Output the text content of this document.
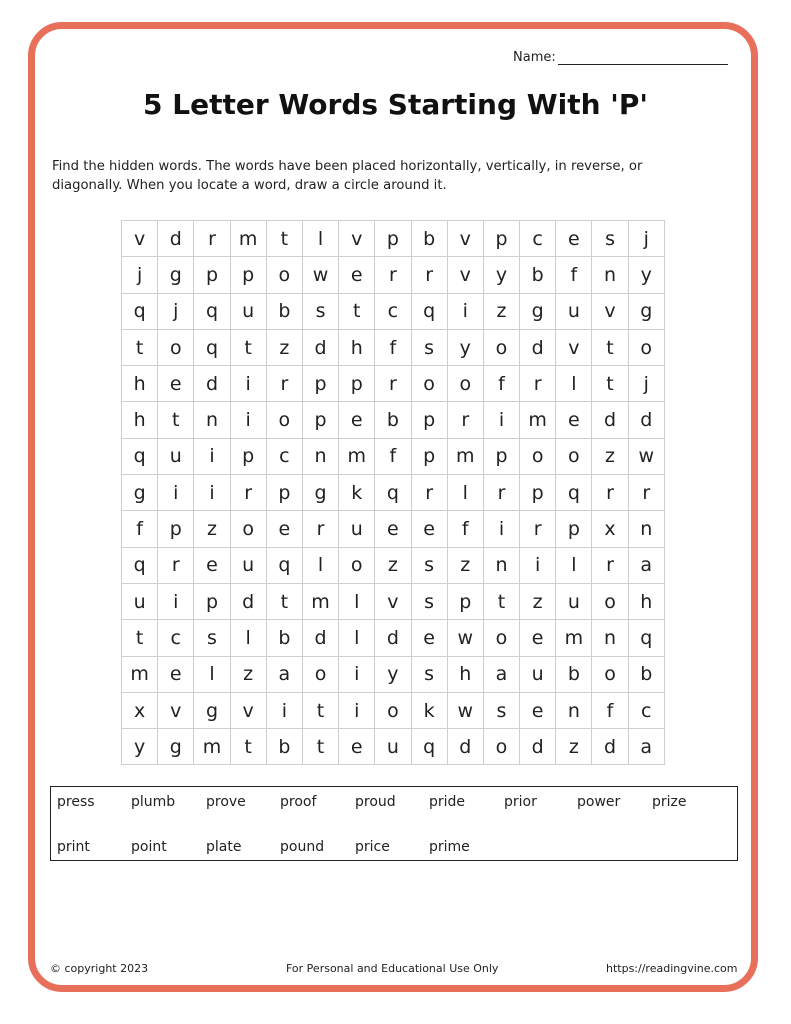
Name:
5 Letter Words Starting With 'P'
Find the hidden words. The words have been placed horizontally, vertically, in reverse, or diagonally. When you locate a word, draw a circle around it.
v	d	r	m	t	l	v	p	b	v	p	c	e	s	j
j	g	p	p	o	w	e	r	r	v	y	b	f	n	y
q	j	q	u	b	s	t	c	q	i	z	g	u	v	g
t	o	q	t	z	d	h	f	s	y	o	d	v	t	o
h	e	d	i	r	p	p	r	o	o	f	r	l	t	j
h	t	n	i	o	p	e	b	p	r	i	m	e	d	d
q	u	i	p	c	n	m	f	p	m	p	o	o	z	w
g	i	i	r	p	g	k	q	r	l	r	p	q	r	r
f	p	z	o	e	r	u	e	e	f	i	r	p	x	n
q	r	e	u	q	l	o	z	s	z	n	i	l	r	a
u	i	p	d	t	m	l	v	s	p	t	z	u	o	h
t	c	s	l	b	d	l	d	e	w	o	e	m	n	q
m	e	l	z	a	o	i	y	s	h	a	u	b	o	b
x	v	g	v	i	t	i	o	k	w	s	e	n	f	c
y	g	m	t	b	t	e	u	q	d	o	d	z	d	a
press	plumb prove proof	proud pride	prior	power prize
print	point	plate	pound price	prime
© copyright 2023	For Personal and Educational Use Only	https://readingvine.com
